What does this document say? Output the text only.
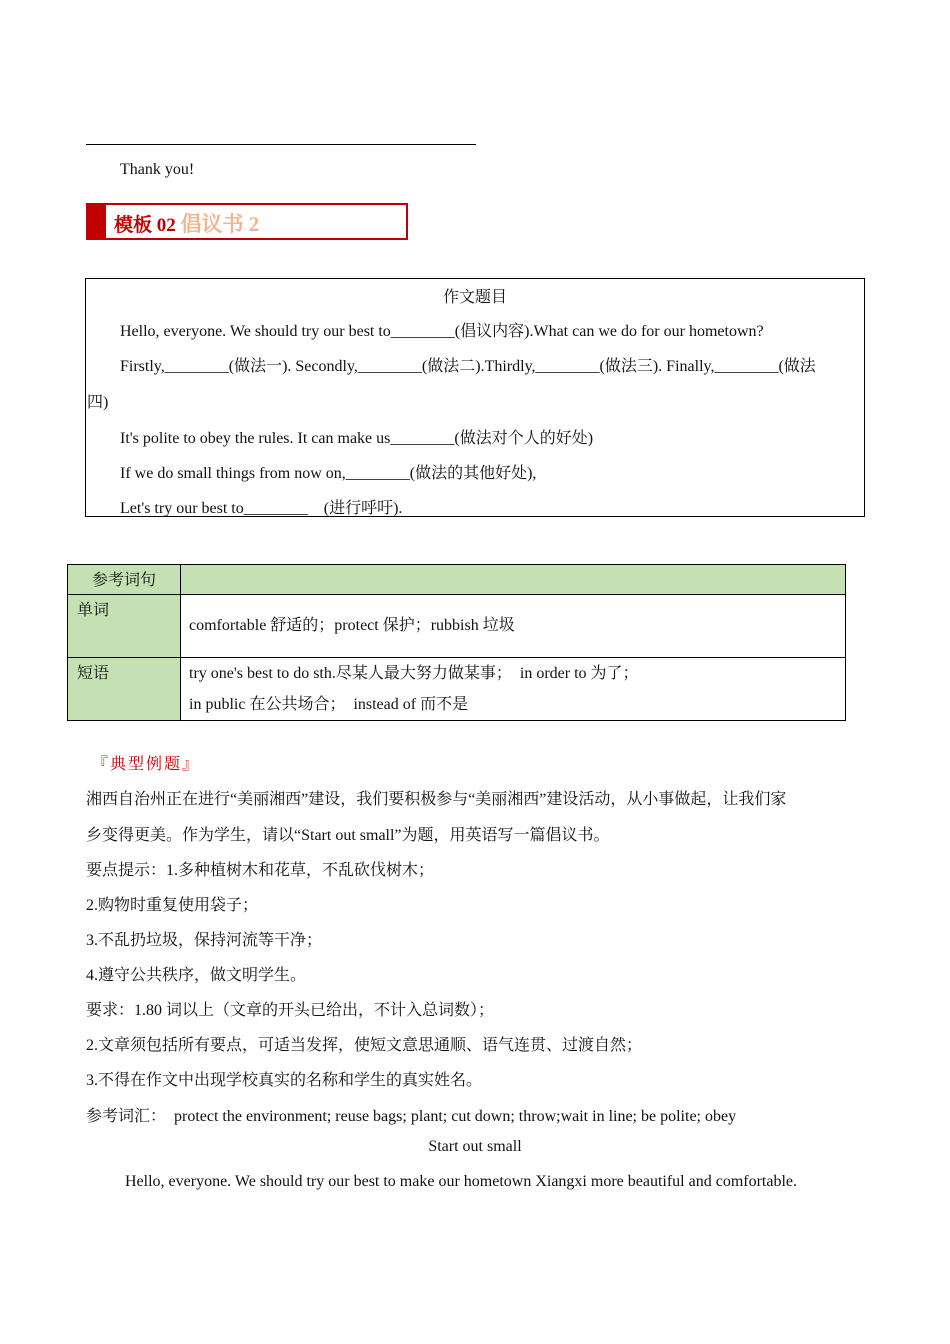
Thank you!
模板 02 倡议书 2
作文题目
Hello, everyone. We should try our best to________(倡议内容).What can we do for our hometown?
Firstly,________(做法一). Secondly,________(做法二).Thirdly,________(做法三). Finally,________(做法
四)
It's polite to obey the rules. It can make us________(做法对个人的好处)
If we do small things from now on,________(做法的其他好处),
Let's try our best to________    (进行呼吁).
参考词句	
单词	comfortable 舒适的；protect 保护；rubbish 垃圾

短语	try one's best to do sth.尽某人最大努力做某事；  in order to 为了；
in public 在公共场合；  instead of 而不是
『典型例题』
湘西自治州正在进行“美丽湘西”建设，我们要积极参与“美丽湘西”建设活动，从小事做起，让我们家
乡变得更美。作为学生，请以“Start out small”为题，用英语写一篇倡议书。
要点提示：1.多种植树木和花草，不乱砍伐树木；
2.购物时重复使用袋子；
3.不乱扔垃圾，保持河流等干净；
4.遵守公共秩序，做文明学生。
要求：1.80 词以上（文章的开头已给出，不计入总词数）；
2.文章须包括所有要点，可适当发挥，使短文意思通顺、语气连贯、过渡自然；
3.不得在作文中出现学校真实的名称和学生的真实姓名。
参考词汇：  protect the environment; reuse bags; plant; cut down; throw;wait in line; be polite; obey
Start out small
Hello, everyone. We should try our best to make our hometown Xiangxi more beautiful and comfortable.
